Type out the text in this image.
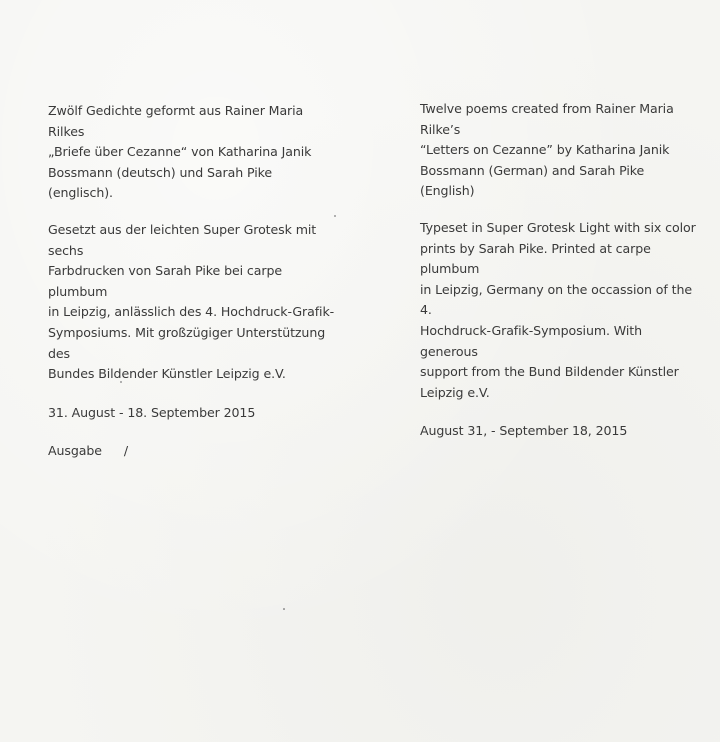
Zwölf Gedichte geformt aus Rainer Maria Rilkes
„Briefe über Cezanne“ von Katharina Janik
Bossmann (deutsch) und Sarah Pike (englisch).

Gesetzt aus der leichten Super Grotesk mit sechs
Farbdrucken von Sarah Pike bei carpe plumbum
in Leipzig, anlässlich des 4. Hochdruck-Grafik-
Symposiums. Mit großzügiger Unterstützung des
Bundes Bildender Künstler Leipzig e.V.

31. August - 18. September 2015

Ausgabe /

Twelve poems created from Rainer Maria Rilke’s
“Letters on Cezanne” by Katharina Janik
Bossmann (German) and Sarah Pike (English)

Typeset in Super Grotesk Light with six color
prints by Sarah Pike. Printed at carpe plumbum
in Leipzig, Germany on the occassion of the 4.
Hochdruck-Grafik-Symposium. With generous
support from the Bund Bildender Künstler
Leipzig e.V.

August 31, - September 18, 2015
